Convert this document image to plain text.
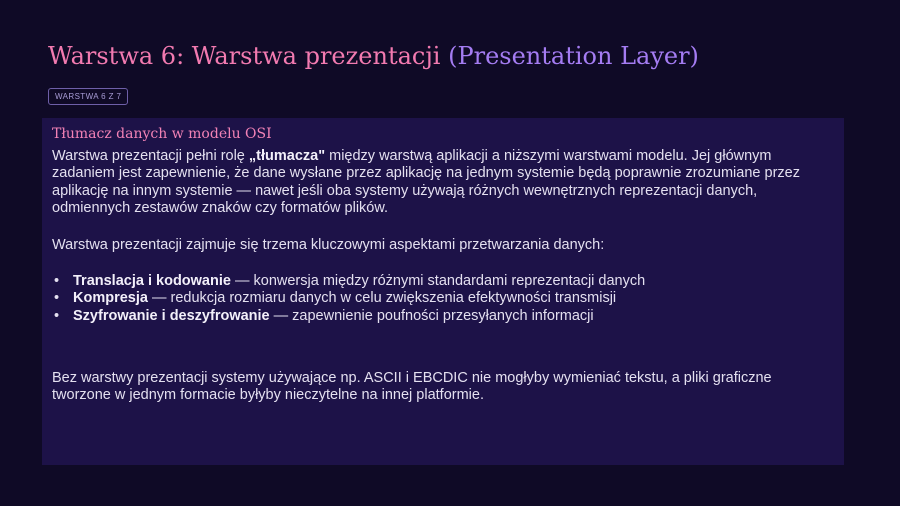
Warstwa 6: Warstwa prezentacji (Presentation Layer)
WARSTWA 6 Z 7
Tłumacz danych w modelu OSI

Warstwa prezentacji pełni rolę „tłumacza" między warstwą aplikacji a niższymi warstwami modelu. Jej głównym zadaniem jest zapewnienie, że dane wysłane przez aplikację na jednym systemie będą poprawnie zrozumiane przez aplikację na innym systemie — nawet jeśli oba systemy używają różnych wewnętrznych reprezentacji danych, odmiennych zestawów znaków czy formatów plików.

Warstwa prezentacji zajmuje się trzema kluczowymi aspektami przetwarzania danych:

• Translacja i kodowanie — konwersja między różnymi standardami reprezentacji danych
• Kompresja — redukcja rozmiaru danych w celu zwiększenia efektywności transmisji
• Szyfrowanie i deszyfrowanie — zapewnienie poufności przesyłanych informacji

Bez warstwy prezentacji systemy używające np. ASCII i EBCDIC nie mogłyby wymieniać tekstu, a pliki graficzne tworzone w jednym formacie byłyby nieczytelne na innej platformie.
